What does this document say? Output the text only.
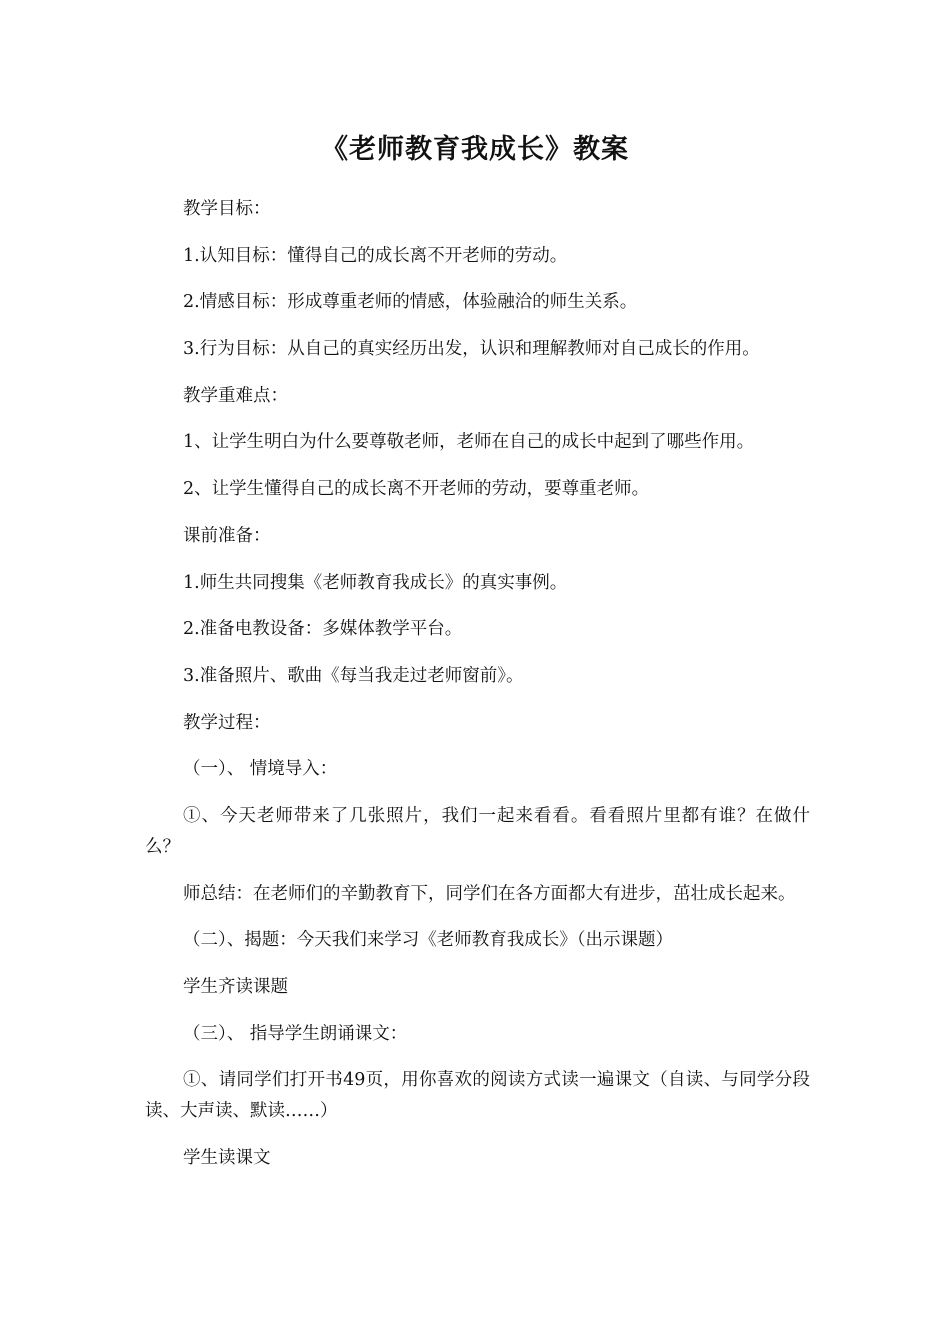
《老师教育我成长》教案

教学目标：

1.认知目标：懂得自己的成长离不开老师的劳动。

2.情感目标：形成尊重老师的情感，体验融洽的师生关系。

3.行为目标：从自己的真实经历出发，认识和理解教师对自己成长的作用。

教学重难点：

1、让学生明白为什么要尊敬老师，老师在自己的成长中起到了哪些作用。

2、让学生懂得自己的成长离不开老师的劳动，要尊重老师。

课前准备：

1.师生共同搜集《老师教育我成长》的真实事例。

2.准备电教设备：多媒体教学平台。

3.准备照片、歌曲《每当我走过老师窗前》。

教学过程：

（一）、 情境导入：

①、今天老师带来了几张照片，我们一起来看看。看看照片里都有谁？在做什么？

师总结：在老师们的辛勤教育下，同学们在各方面都大有进步，茁壮成长起来。

（二）、揭题：今天我们来学习《老师教育我成长》（出示课题）

学生齐读课题

（三）、 指导学生朗诵课文：

①、请同学们打开书49页，用你喜欢的阅读方式读一遍课文（自读、与同学分段读、大声读、默读……）

学生读课文
